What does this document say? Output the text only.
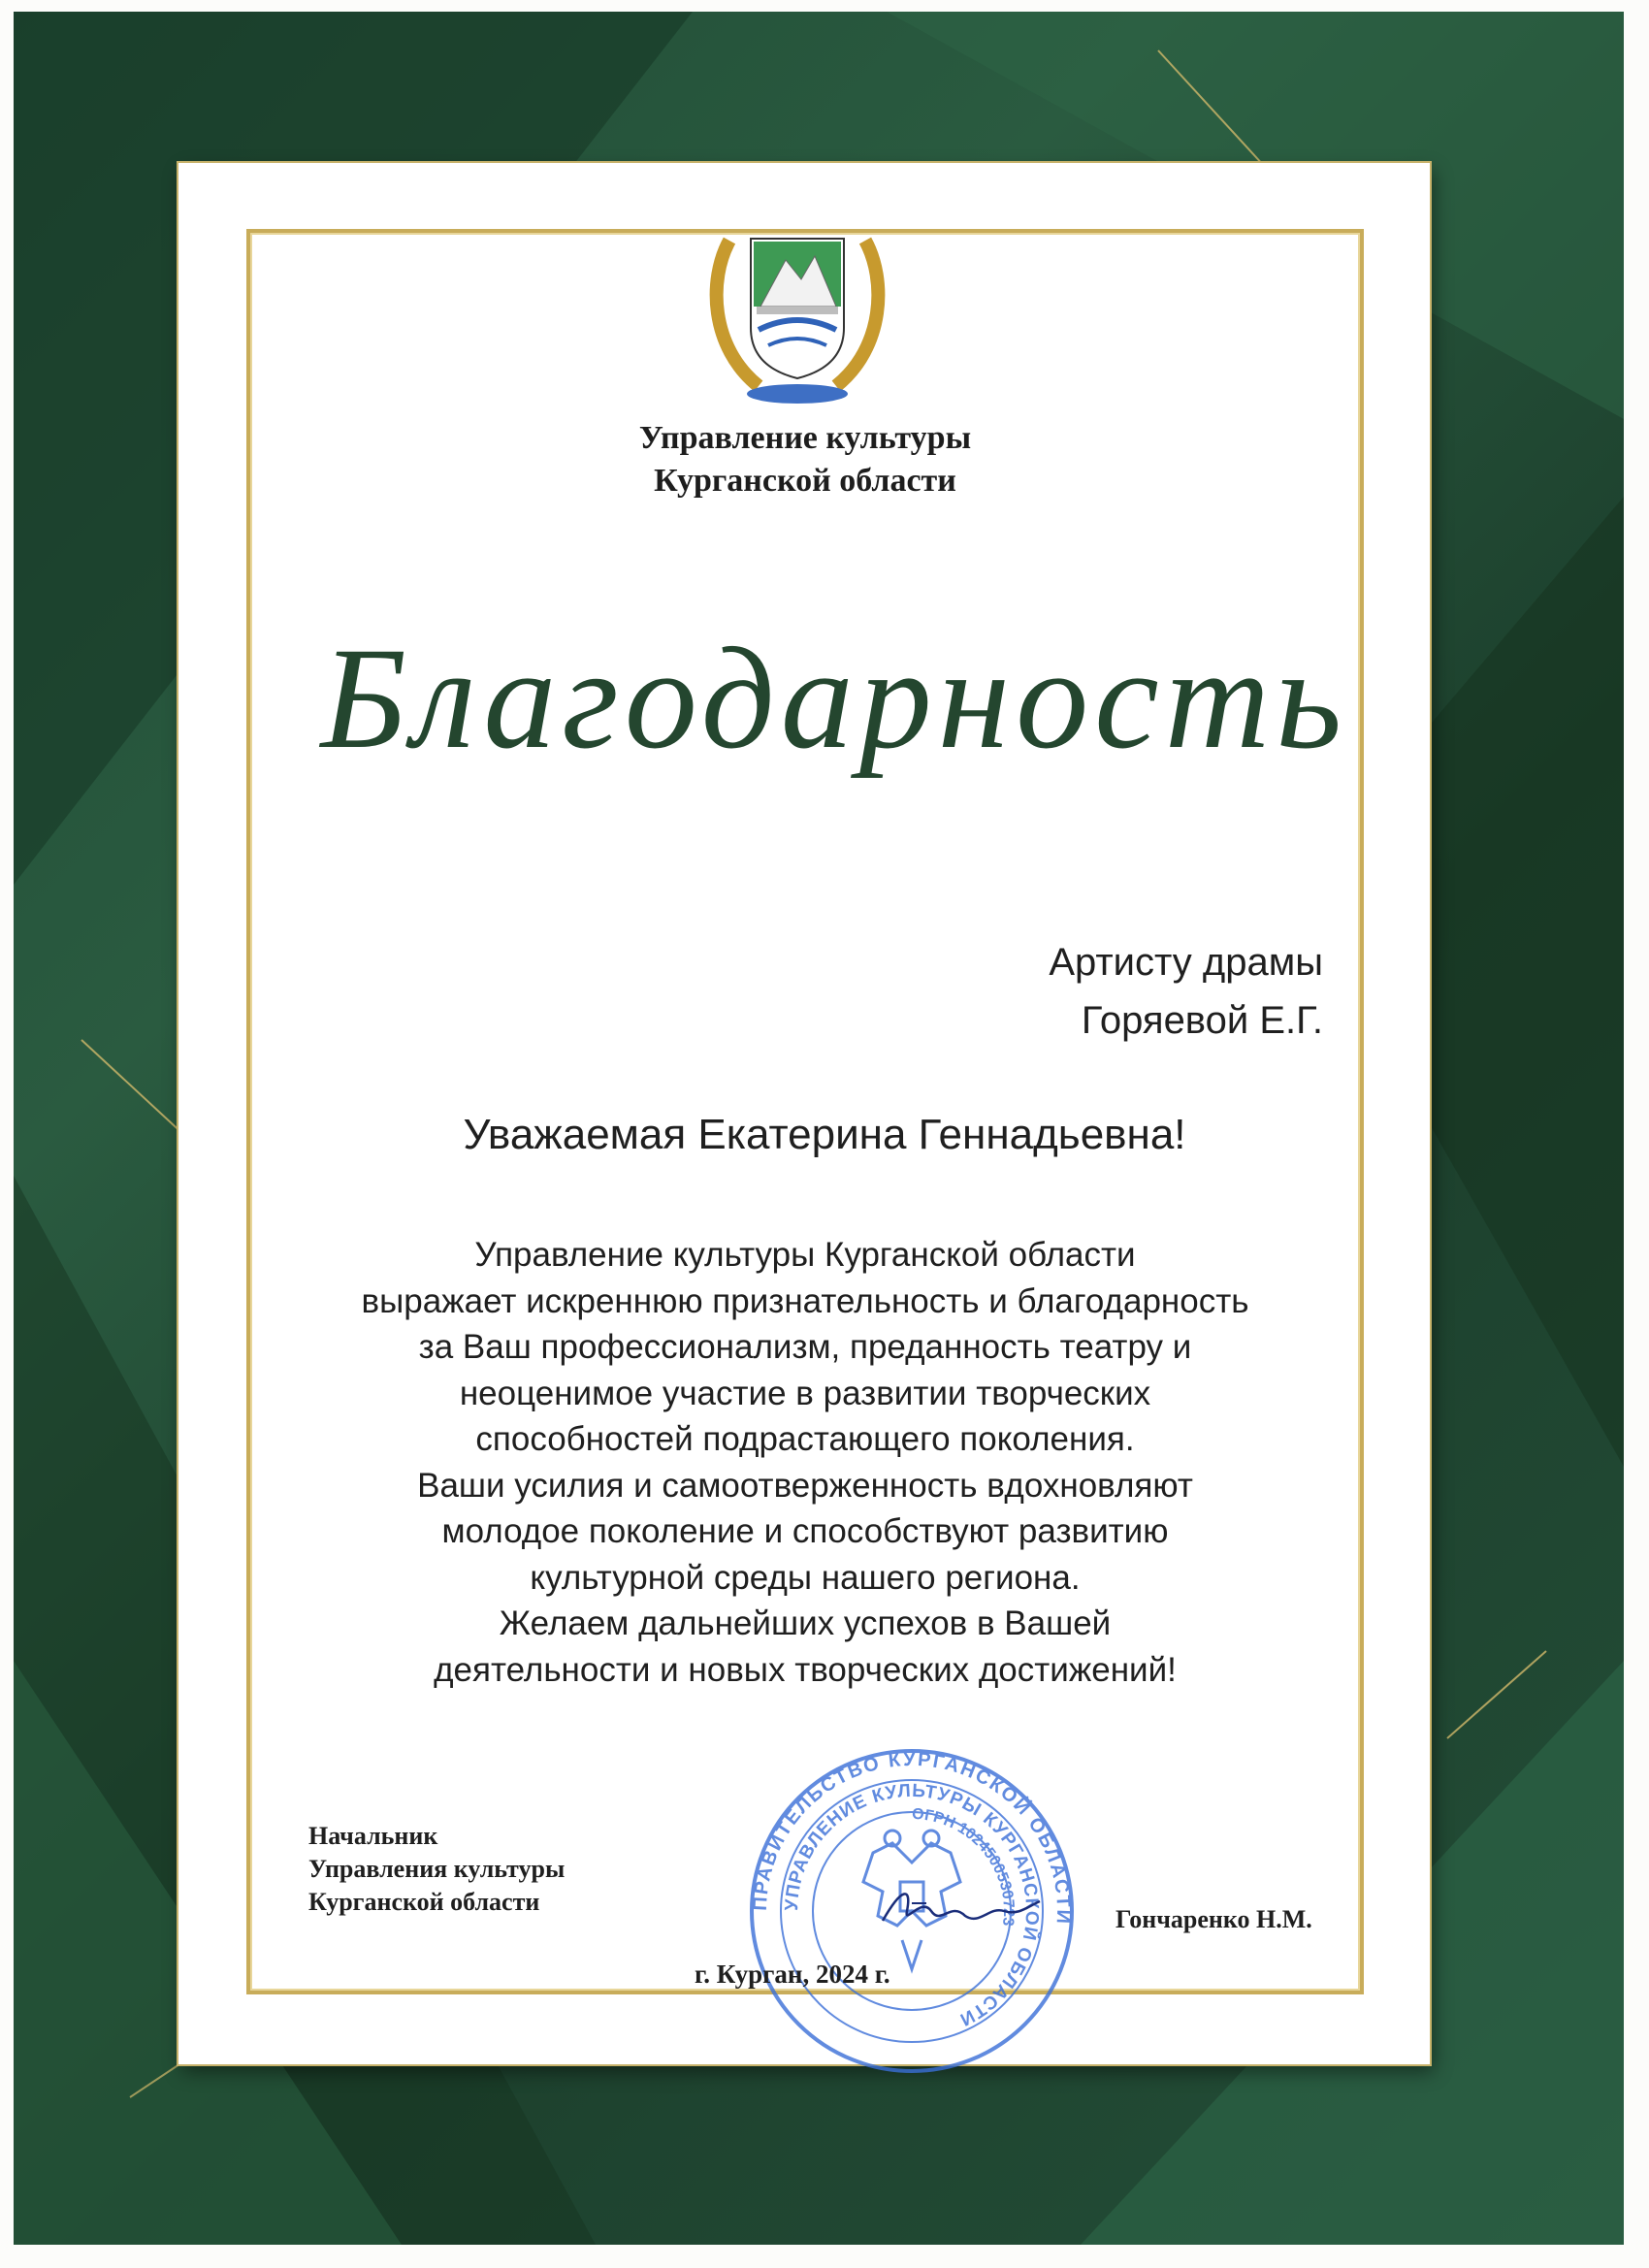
Управление культуры
Курганской области
Благодарность
Артисту драмы
Горяевой Е.Г.
Уважаемая Екатерина Геннадьевна!
Управление культуры Курганской области
выражает искреннюю признательность и благодарность
за Ваш профессионализм, преданность театру и
неоценимое участие в развитии творческих
способностей подрастающего поколения.
Ваши усилия и самоотверженность вдохновляют
молодое поколение и способствуют развитию
культурной среды нашего региона.
Желаем дальнейших успехов в Вашей
деятельности и новых творческих достижений!
Начальник
Управления культуры
Курганской области	ПРАВИТЕЛЬСТВО КУРГАНСКОЙ ОБЛАСТИ
УПРАВЛЕНИЕ КУЛЬТУРЫ КУРГАНСКОЙ ОБЛАСТИ
ОГРН 1024500530723	Гончаренко Н.М.
г. Курган, 2024 г.
